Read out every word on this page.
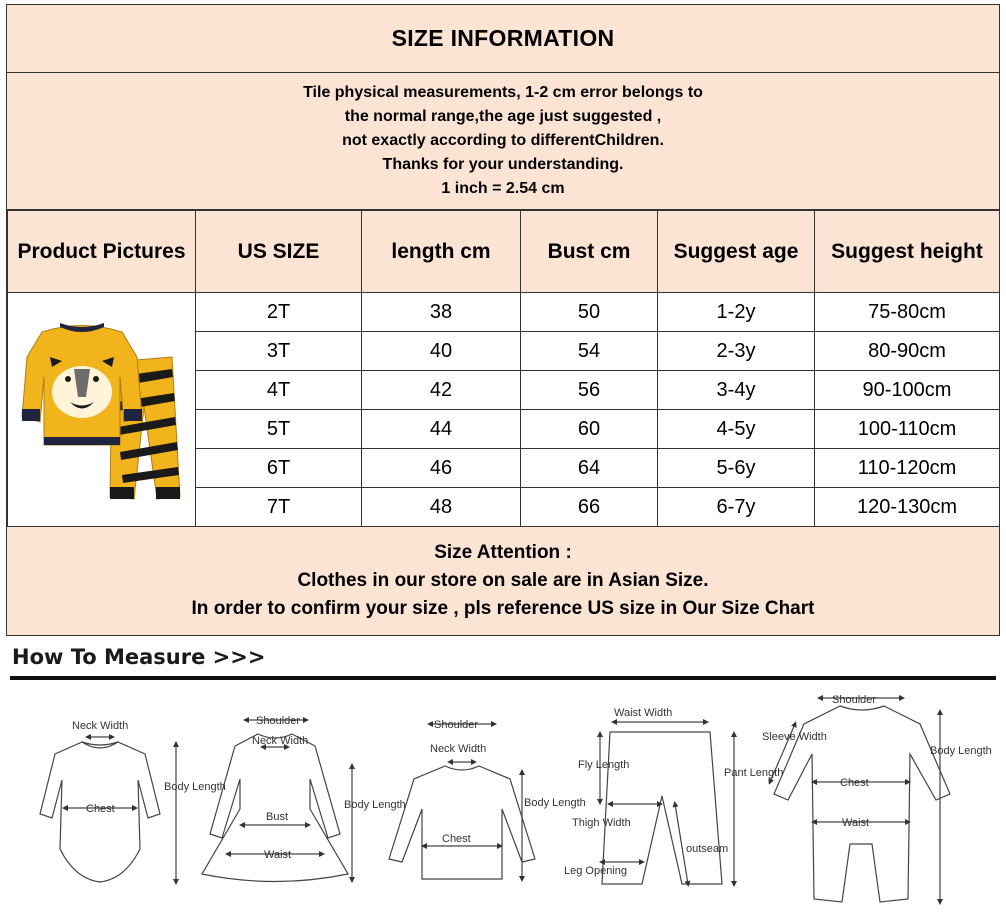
SIZE INFORMATION
Tile physical measurements, 1-2 cm error belongs to
the normal range,the age just suggested ,
not exactly according to differentChildren.
Thanks for your understanding.
1 inch = 2.54 cm
Product Pictures	US SIZE	length cm	Bust cm	Suggest age	Suggest height
	2T	38	50	1-2y	75-80cm
	3T	40	54	2-3y	80-90cm
	4T	42	56	3-4y	90-100cm
	5T	44	60	4-5y	100-110cm
	6T	46	64	5-6y	110-120cm
	7T	48	66	6-7y	120-130cm
Size Attention :
Clothes in our store on sale are in Asian Size.
In order to confirm your size , pls reference US size in Our Size Chart
How To Measure >>>
Neck Width
Chest
Body Length
Shoulder
Neck Width
Bust
Waist
Body Length
Shoulder
Neck Width
Chest
Body Length
Waist Width
Fly Length
Pant Length
Thigh Width
outseam
Leg Opening
Shoulder
Sleeve Width
Body Length
Chest
Waist
